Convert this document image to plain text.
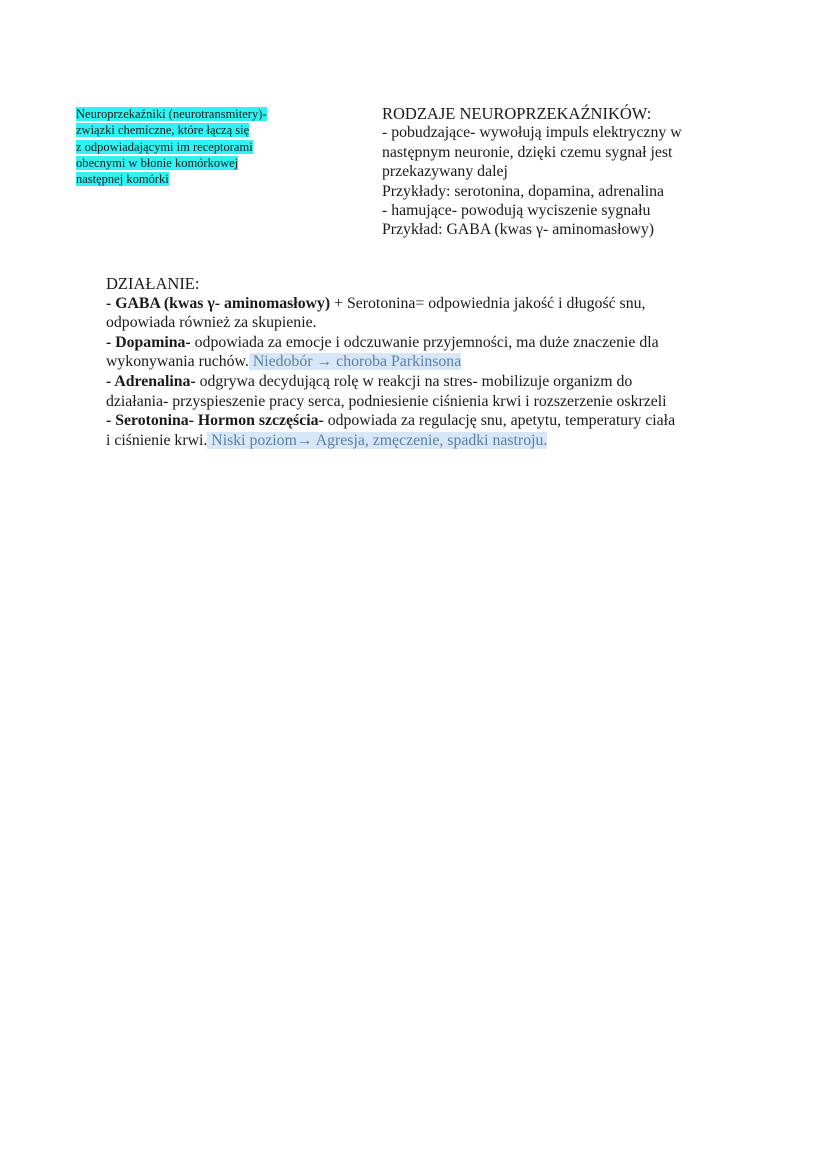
Neuroprzekaźniki (neurotransmitery)-
związki chemiczne, które łączą się
z odpowiadającymi im receptorami
obecnymi w błonie komórkowej
następnej komórki

RODZAJE NEUROPRZEKAŹNIKÓW:

- pobudzające- wywołują impuls elektryczny w

następnym neuronie, dzięki czemu sygnał jest

przekazywany dalej

Przykłady: serotonina, dopamina, adrenalina

- hamujące- powodują wyciszenie sygnału

Przykład: GABA (kwas γ- aminomasłowy)

DZIAŁANIE:

- GABA (kwas γ- aminomasłowy) + Serotonina= odpowiednia jakość i długość snu,

odpowiada również za skupienie.

- Dopamina- odpowiada za emocje i odczuwanie przyjemności, ma duże znaczenie dla

wykonywania ruchów. Niedobór → choroba Parkinsona

- Adrenalina- odgrywa decydującą rolę w reakcji na stres- mobilizuje organizm do

działania- przyspieszenie pracy serca, podniesienie ciśnienia krwi i rozszerzenie oskrzeli

- Serotonina- Hormon szczęścia- odpowiada za regulację snu, apetytu, temperatury ciała

i ciśnienie krwi. Niski poziom→ Agresja, zmęczenie, spadki nastroju.
